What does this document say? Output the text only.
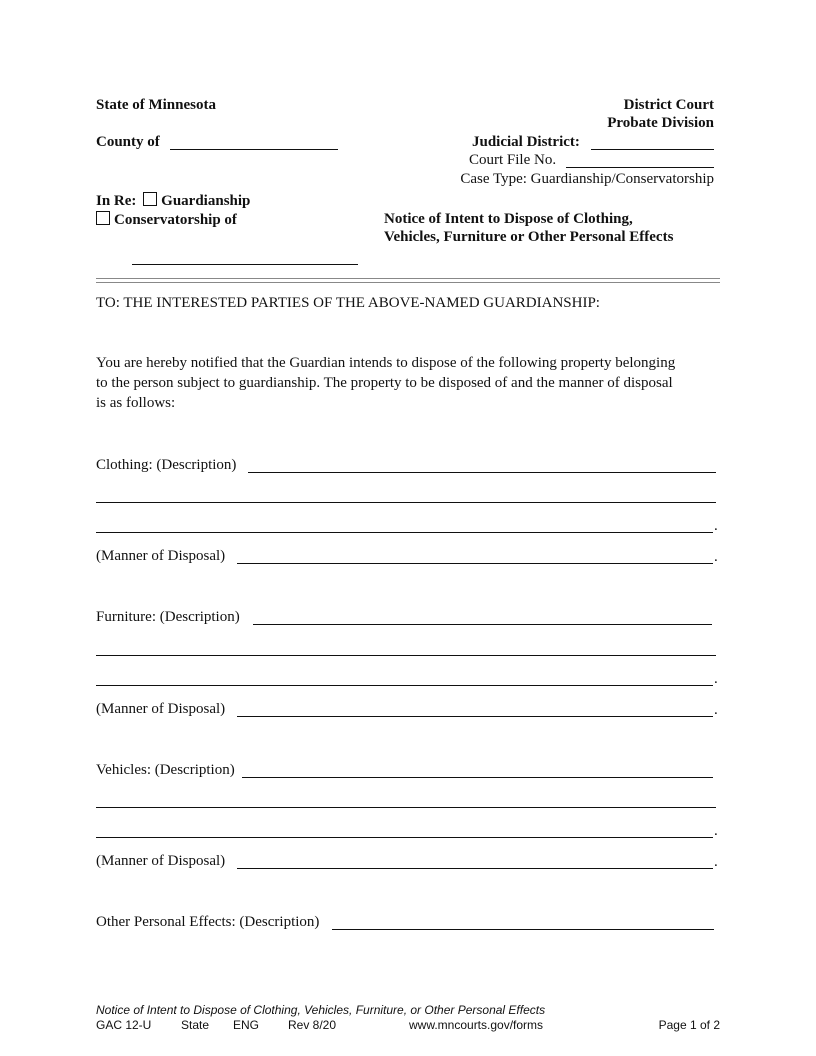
State of Minnesota
County of
District Court
Probate Division
Judicial District:
Court File No.
Case Type: Guardianship/Conservatorship
In Re: Guardianship
Conservatorship of	Notice of Intent to Dispose of Clothing,
Vehicles, Furniture or Other Personal Effects
TO: THE INTERESTED PARTIES OF THE ABOVE-NAMED GUARDIANSHIP:
You are hereby notified that the Guardian intends to dispose of the following property belonging
to the person subject to guardianship. The property to be disposed of and the manner of disposal
is as follows:
Clothing: (Description)
.
(Manner of Disposal)	.
Furniture: (Description)
.
(Manner of Disposal)	.
Vehicles: (Description)
.
(Manner of Disposal)	.
Other Personal Effects: (Description)
Notice of Intent to Dispose of Clothing, Vehicles, Furniture, or Other Personal Effects
GAC 12-U State ENG Rev 8/20	www.mncourts.gov/forms	Page 1 of 2
